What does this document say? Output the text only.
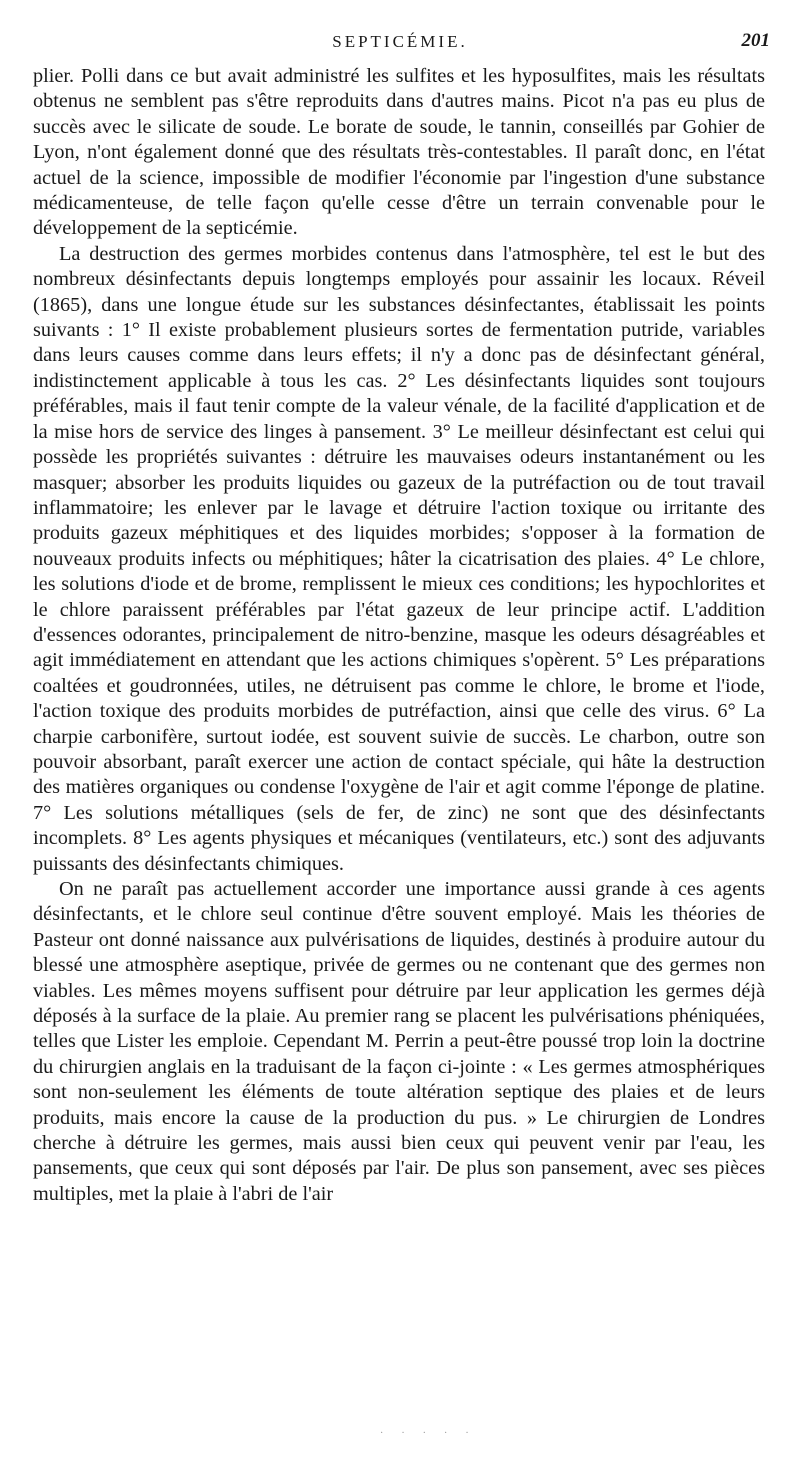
SEPTICÉMIE.	201

plier. Polli dans ce but avait administré les sulfites et les hyposulfites, mais les résultats obtenus ne semblent pas s'être reproduits dans d'autres mains. Picot n'a pas eu plus de succès avec le silicate de soude. Le borate de soude, le tannin, conseillés par Gohier de Lyon, n'ont également donné que des résultats très-contestables. Il paraît donc, en l'état actuel de la science, impossible de modifier l'économie par l'ingestion d'une substance médicamenteuse, de telle façon qu'elle cesse d'être un terrain convenable pour le développement de la septicémie.

La destruction des germes morbides contenus dans l'atmosphère, tel est le but des nombreux désinfectants depuis longtemps employés pour assainir les locaux. Réveil (1865), dans une longue étude sur les substances désinfectantes, établissait les points suivants : 1° Il existe probablement plusieurs sortes de fermentation putride, variables dans leurs causes comme dans leurs effets; il n'y a donc pas de désinfectant général, indistinctement applicable à tous les cas. 2° Les désinfectants liquides sont toujours préférables, mais il faut tenir compte de la valeur vénale, de la facilité d'application et de la mise hors de service des linges à pansement. 3° Le meilleur désinfectant est celui qui possède les propriétés suivantes : détruire les mauvaises odeurs instantanément ou les masquer; absorber les produits liquides ou gazeux de la putréfaction ou de tout travail inflammatoire; les enlever par le lavage et détruire l'action toxique ou irritante des produits gazeux méphitiques et des liquides morbides; s'opposer à la formation de nouveaux produits infects ou méphitiques; hâter la cicatrisation des plaies. 4° Le chlore, les solutions d'iode et de brome, remplissent le mieux ces conditions; les hypochlorites et le chlore paraissent préférables par l'état gazeux de leur principe actif. L'addition d'essences odorantes, principalement de nitro-benzine, masque les odeurs désagréables et agit immédiatement en attendant que les actions chimiques s'opèrent. 5° Les préparations coaltées et goudronnées, utiles, ne détruisent pas comme le chlore, le brome et l'iode, l'action toxique des produits morbides de putréfaction, ainsi que celle des virus. 6° La charpie carbonifère, surtout iodée, est souvent suivie de succès. Le charbon, outre son pouvoir absorbant, paraît exercer une action de contact spéciale, qui hâte la destruction des matières organiques ou condense l'oxygène de l'air et agit comme l'éponge de platine. 7° Les solutions métalliques (sels de fer, de zinc) ne sont que des désinfectants incomplets. 8° Les agents physiques et mécaniques (ventilateurs, etc.) sont des adjuvants puissants des désinfectants chimiques.

On ne paraît pas actuellement accorder une importance aussi grande à ces agents désinfectants, et le chlore seul continue d'être souvent employé. Mais les théories de Pasteur ont donné naissance aux pulvérisations de liquides, destinés à produire autour du blessé une atmosphère aseptique, privée de germes ou ne contenant que des germes non viables. Les mêmes moyens suffisent pour détruire par leur application les germes déjà déposés à la surface de la plaie. Au premier rang se placent les pulvérisations phéniquées, telles que Lister les emploie. Cependant M. Perrin a peut-être poussé trop loin la doctrine du chirurgien anglais en la traduisant de la façon ci-jointe : « Les germes atmosphériques sont non-seulement les éléments de toute altération septique des plaies et de leurs produits, mais encore la cause de la production du pus. » Le chirurgien de Londres cherche à détruire les germes, mais aussi bien ceux qui peuvent venir par l'eau, les pansements, que ceux qui sont déposés par l'air. De plus son pansement, avec ses pièces multiples, met la plaie à l'abri de l'air

·····
